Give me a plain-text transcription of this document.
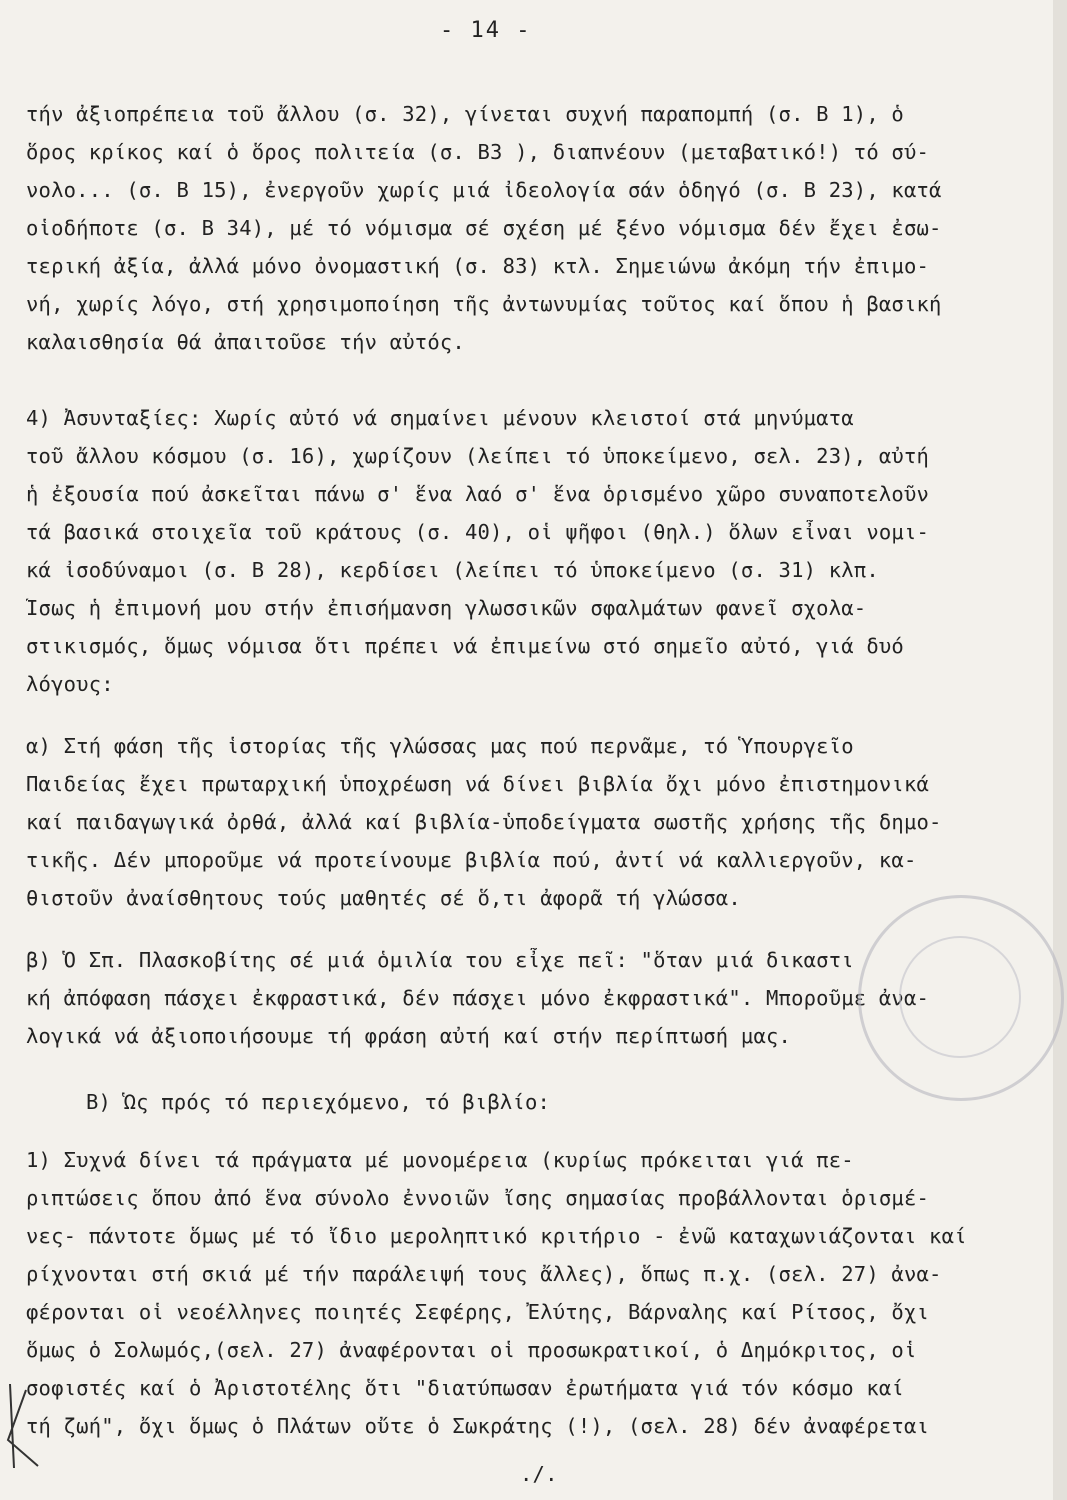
- 14 -
τήν ἀξιοπρέπεια τοῦ ἄλλου (σ. 32), γίνεται συχνή παραπομπή (σ. Β 1), ὁ
ὅρος κρίκος καί ὁ ὅρος πολιτεία (σ. Β3 ), διαπνέουν (μεταβατικό!) τό σύ-
νολο... (σ. Β 15), ἐνεργοῦν χωρίς μιά ἰδεολογία σάν ὁδηγό (σ. Β 23), κατά
οἱοδήποτε (σ. Β 34), μέ τό νόμισμα σέ σχέση μέ ξένο νόμισμα δέν ἔχει ἐσω-
τερική ἀξία, ἀλλά μόνο ὀνομαστική (σ. 83) κτλ. Σημειώνω ἀκόμη τήν ἐπιμο-
νή, χωρίς λόγο, στή χρησιμοποίηση τῆς ἀντωνυμίας τοῦτος καί ὅπου ἡ βασική
καλαισθησία θά ἀπαιτοῦσε τήν αὐτός.
4) Ἀσυνταξίες: Χωρίς αὐτό νά σημαίνει μένουν κλειστοί στά μηνύματα
τοῦ ἄλλου κόσμου (σ. 16), χωρίζουν (λείπει τό ὑποκείμενο, σελ. 23), αὐτή
ἡ ἐξουσία πού ἀσκεῖται πάνω σ' ἕνα λαό σ' ἕνα ὁρισμένο χῶρο συναποτελοῦν
τά βασικά στοιχεῖα τοῦ κράτους (σ. 40), οἱ ψῆφοι (θηλ.) ὅλων εἶναι νομι-
κά ἰσοδύναμοι (σ. Β 28), κερδίσει (λείπει τό ὑποκείμενο (σ. 31) κλπ.
Ἴσως ἡ ἐπιμονή μου στήν ἐπισήμανση γλωσσικῶν σφαλμάτων φανεῖ σχολα-
στικισμός, ὅμως νόμισα ὅτι πρέπει νά ἐπιμείνω στό σημεῖο αὐτό, γιά δυό
λόγους:
α) Στή φάση τῆς ἱστορίας τῆς γλώσσας μας πού περνᾶμε, τό Ὑπουργεῖο
Παιδείας ἔχει πρωταρχική ὑποχρέωση νά δίνει βιβλία ὄχι μόνο ἐπιστημονικά
καί παιδαγωγικά ὀρθά, ἀλλά καί βιβλία-ὑποδείγματα σωστῆς χρήσης τῆς δημο-
τικῆς. Δέν μποροῦμε νά προτείνουμε βιβλία πού, ἀντί νά καλλιεργοῦν, κα-
θιστοῦν ἀναίσθητους τούς μαθητές σέ ὅ,τι ἀφορᾶ τή γλώσσα.
β) Ὁ Σπ. Πλασκοβίτης σέ μιά ὁμιλία του εἶχε πεῖ: "ὅταν μιά δικαστι
κή ἀπόφαση πάσχει ἐκφραστικά, δέν πάσχει μόνο ἐκφραστικά". Μποροῦμε ἀνα-
λογικά νά ἀξιοποιήσουμε τή φράση αὐτή καί στήν περίπτωσή μας.
Β) Ὡς πρός τό περιεχόμενο, τό βιβλίο:
1) Συχνά δίνει τά πράγματα μέ μονομέρεια (κυρίως πρόκειται γιά πε-
ριπτώσεις ὅπου ἀπό ἕνα σύνολο ἐννοιῶν ἴσης σημασίας προβάλλονται ὁρισμέ-
νες- πάντοτε ὅμως μέ τό ἴδιο μεροληπτικό κριτήριο - ἐνῶ καταχωνιάζονται καί
ρίχνονται στή σκιά μέ τήν παράλειψή τους ἄλλες), ὅπως π.χ. (σελ. 27) ἀνα-
φέρονται οἱ νεοέλληνες ποιητές Σεφέρης, Ἐλύτης, Βάρναλης καί Ρίτσος, ὄχι
ὅμως ὁ Σολωμός,(σελ. 27) ἀναφέρονται οἱ προσωκρατικοί, ὁ Δημόκριτος, οἱ
σοφιστές καί ὁ Ἀριστοτέλης ὅτι "διατύπωσαν ἐρωτήματα γιά τόν κόσμο καί
τή ζωή", ὄχι ὅμως ὁ Πλάτων οὔτε ὁ Σωκράτης (!), (σελ. 28) δέν ἀναφέρεται
./.
